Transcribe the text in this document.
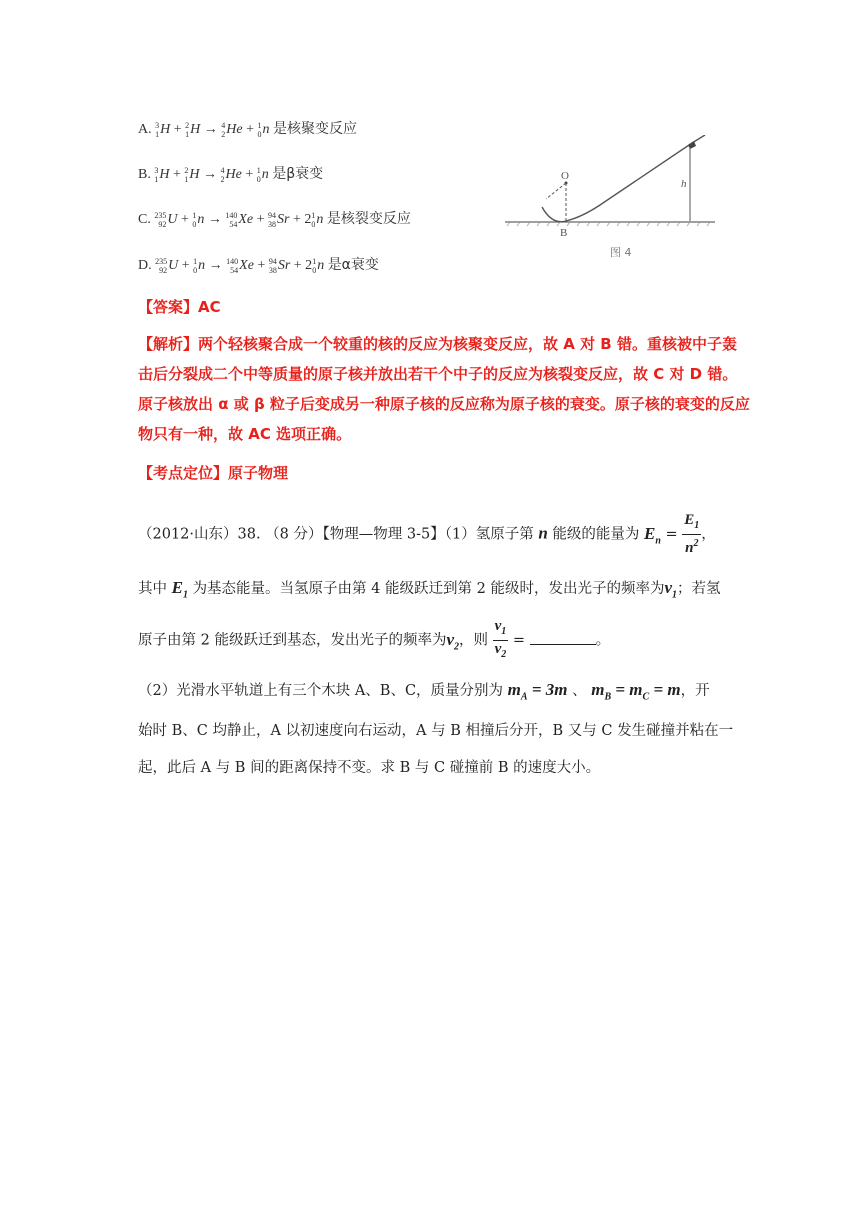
A. 3
1 H + 2
1 H → 4
2 He + 1
0 n 是核聚变反应
B. 3
1 H + 2
1 H → 4
2 He + 1
0 n 是β衰变
C. 235
92 U + 1
0 n → 140
54 Xe + 94
38 Sr + 2 1
0 n 是核裂变反应
D. 235
92 U + 1
0 n → 140
54 Xe + 94
38 Sr + 2 1
0 n 是α衰变
O
B
h
图 4
【答案】AC
【解析】两个轻核聚合成一个较重的核的反应为核聚变反应，故 A 对 B 错。重核被中子轰
击后分裂成二个中等质量的原子核并放出若干个中子的反应为核裂变反应，故 C 对 D 错。
原子核放出 α 或 β 粒子后变成另一种原子核的反应称为原子核的衰变。原子核的衰变的反应
物只有一种，故 AC 选项正确。
【考点定位】原子物理
（2012·山东）38. （8 分）【物理—物理 3-5】（1）氢原子第 n 能级的能量为 $E_n = \frac{E_1}{n^2}$ ，
其中 $E_1$ 为基态能量。当氢原子由第 4 能级跃迁到第 2 能级时，发出光子的频率为$\nu_1$；若氢
原子由第 2 能级跃迁到基态，发出光子的频率为$\nu_2$，则 $\frac{\nu_1}{\nu_2}$ =	。
（2）光滑水平轨道上有三个木块 A、B、C，质量分别为 $m_A = 3m$ 、 $m_B = m_C = m$，开
始时 B、C 均静止，A 以初速度向右运动，A 与 B 相撞后分开，B 又与 C 发生碰撞并粘在一
起，此后 A 与 B 间的距离保持不变。求 B 与 C 碰撞前 B 的速度大小。
